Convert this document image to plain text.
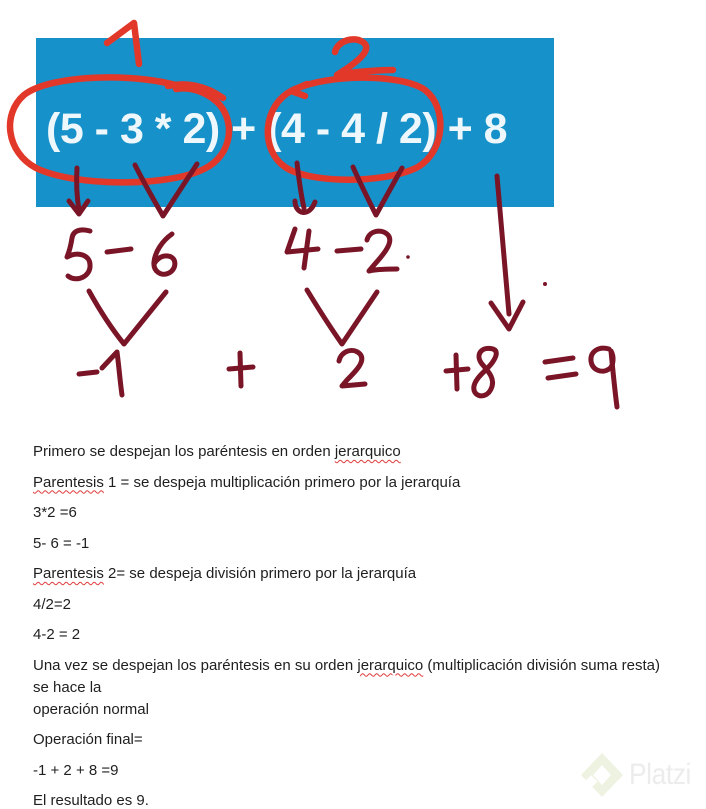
(5 - 3 * 2) + (4 - 4 / 2) + 8

Primero se despejan los paréntesis en orden jerarquico

Parentesis 1 = se despeja multiplicación primero por la jerarquía

3*2 =6

5- 6 = -1

Parentesis 2= se despeja división primero por la jerarquía

4/2=2

4-2 = 2

Una vez se despejan los paréntesis en su orden jerarquico (multiplicación división suma resta) se hace la

operación normal

Operación final=

-1 + 2 + 8 =9

El resultado es 9.

Platzi
